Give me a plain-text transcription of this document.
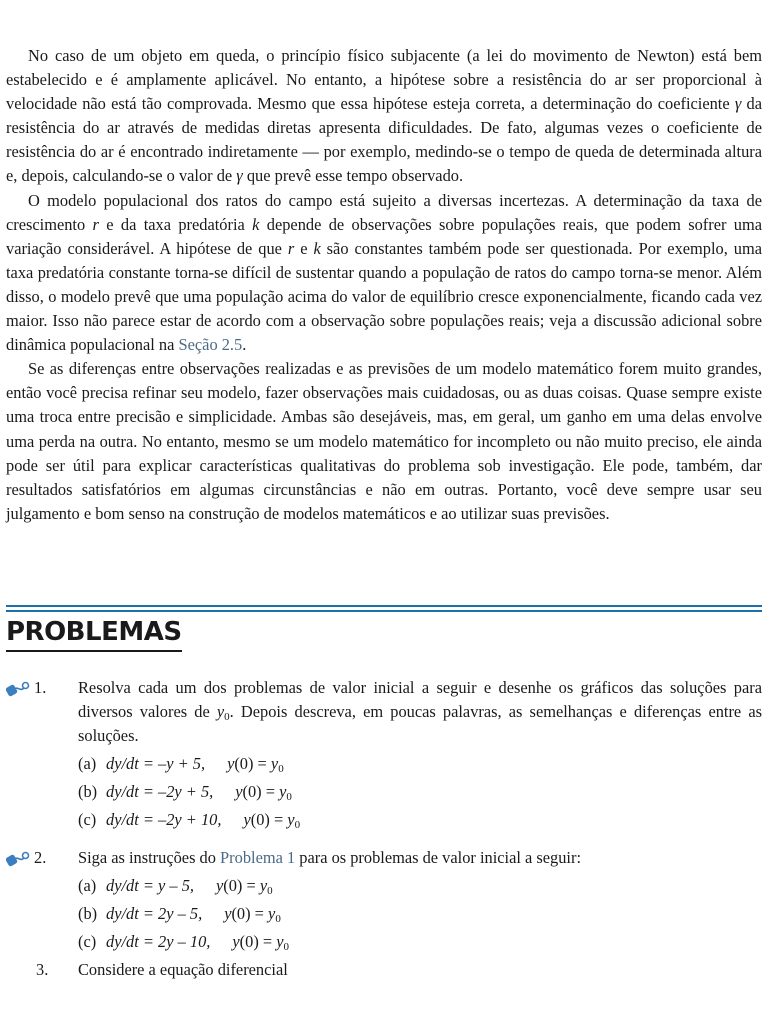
No caso de um objeto em queda, o princípio físico subjacente (a lei do movimento de Newton) está bem estabelecido e é amplamente aplicável. No entanto, a hipótese sobre a resistência do ar ser proporcional à velocidade não está tão comprovada. Mesmo que essa hipótese esteja correta, a determinação do coeficiente γ da resistência do ar através de medidas diretas apresenta dificuldades. De fato, algumas vezes o coeficiente de resistência do ar é encontrado indiretamente — por exemplo, medindo-se o tempo de queda de determinada altura e, depois, calculando-se o valor de γ que prevê esse tempo observado.

O modelo populacional dos ratos do campo está sujeito a diversas incertezas. A determinação da taxa de crescimento r e da taxa predatória k depende de observações sobre populações reais, que podem sofrer uma variação considerável. A hipótese de que r e k são constantes também pode ser questionada. Por exemplo, uma taxa predatória constante torna-se difícil de sustentar quando a população de ratos do campo torna-se menor. Além disso, o modelo prevê que uma população acima do valor de equilíbrio cresce exponencialmente, ficando cada vez maior. Isso não parece estar de acordo com a observação sobre populações reais; veja a discussão adicional sobre dinâmica populacional na Seção 2.5.

Se as diferenças entre observações realizadas e as previsões de um modelo matemático forem muito grandes, então você precisa refinar seu modelo, fazer observações mais cuidadosas, ou as duas coisas. Quase sempre existe uma troca entre precisão e simplicidade. Ambas são desejáveis, mas, em geral, um ganho em uma delas envolve uma perda na outra. No entanto, mesmo se um modelo matemático for incompleto ou não muito preciso, ele ainda pode ser útil para explicar características qualitativas do problema sob investigação. Ele pode, também, dar resultados satisfatórios em algumas circunstâncias e não em outras. Portanto, você deve sempre usar seu julgamento e bom senso na construção de modelos matemáticos e ao utilizar suas previsões.

PROBLEMAS
1.	Resolva cada um dos problemas de valor inicial a seguir e desenhe os gráficos das soluções para diversos valores de $y_0$. Depois descreva, em poucas palavras, as semelhanças e diferenças entre as soluções.
(a) dy/dt = –y + 5, $y(0) = y_0$
(b) dy/dt = –2y + 5, $y(0) = y_0$
(c) dy/dt = –2y + 10, $y(0) = y_0$
2.	Siga as instruções do Problema 1 para os problemas de valor inicial a seguir:
(a) dy/dt = y – 5, $y(0) = y_0$
(b) dy/dt = 2y – 5, $y(0) = y_0$
(c) dy/dt = 2y – 10, $y(0) = y_0$
3.	Considere a equação diferencial
